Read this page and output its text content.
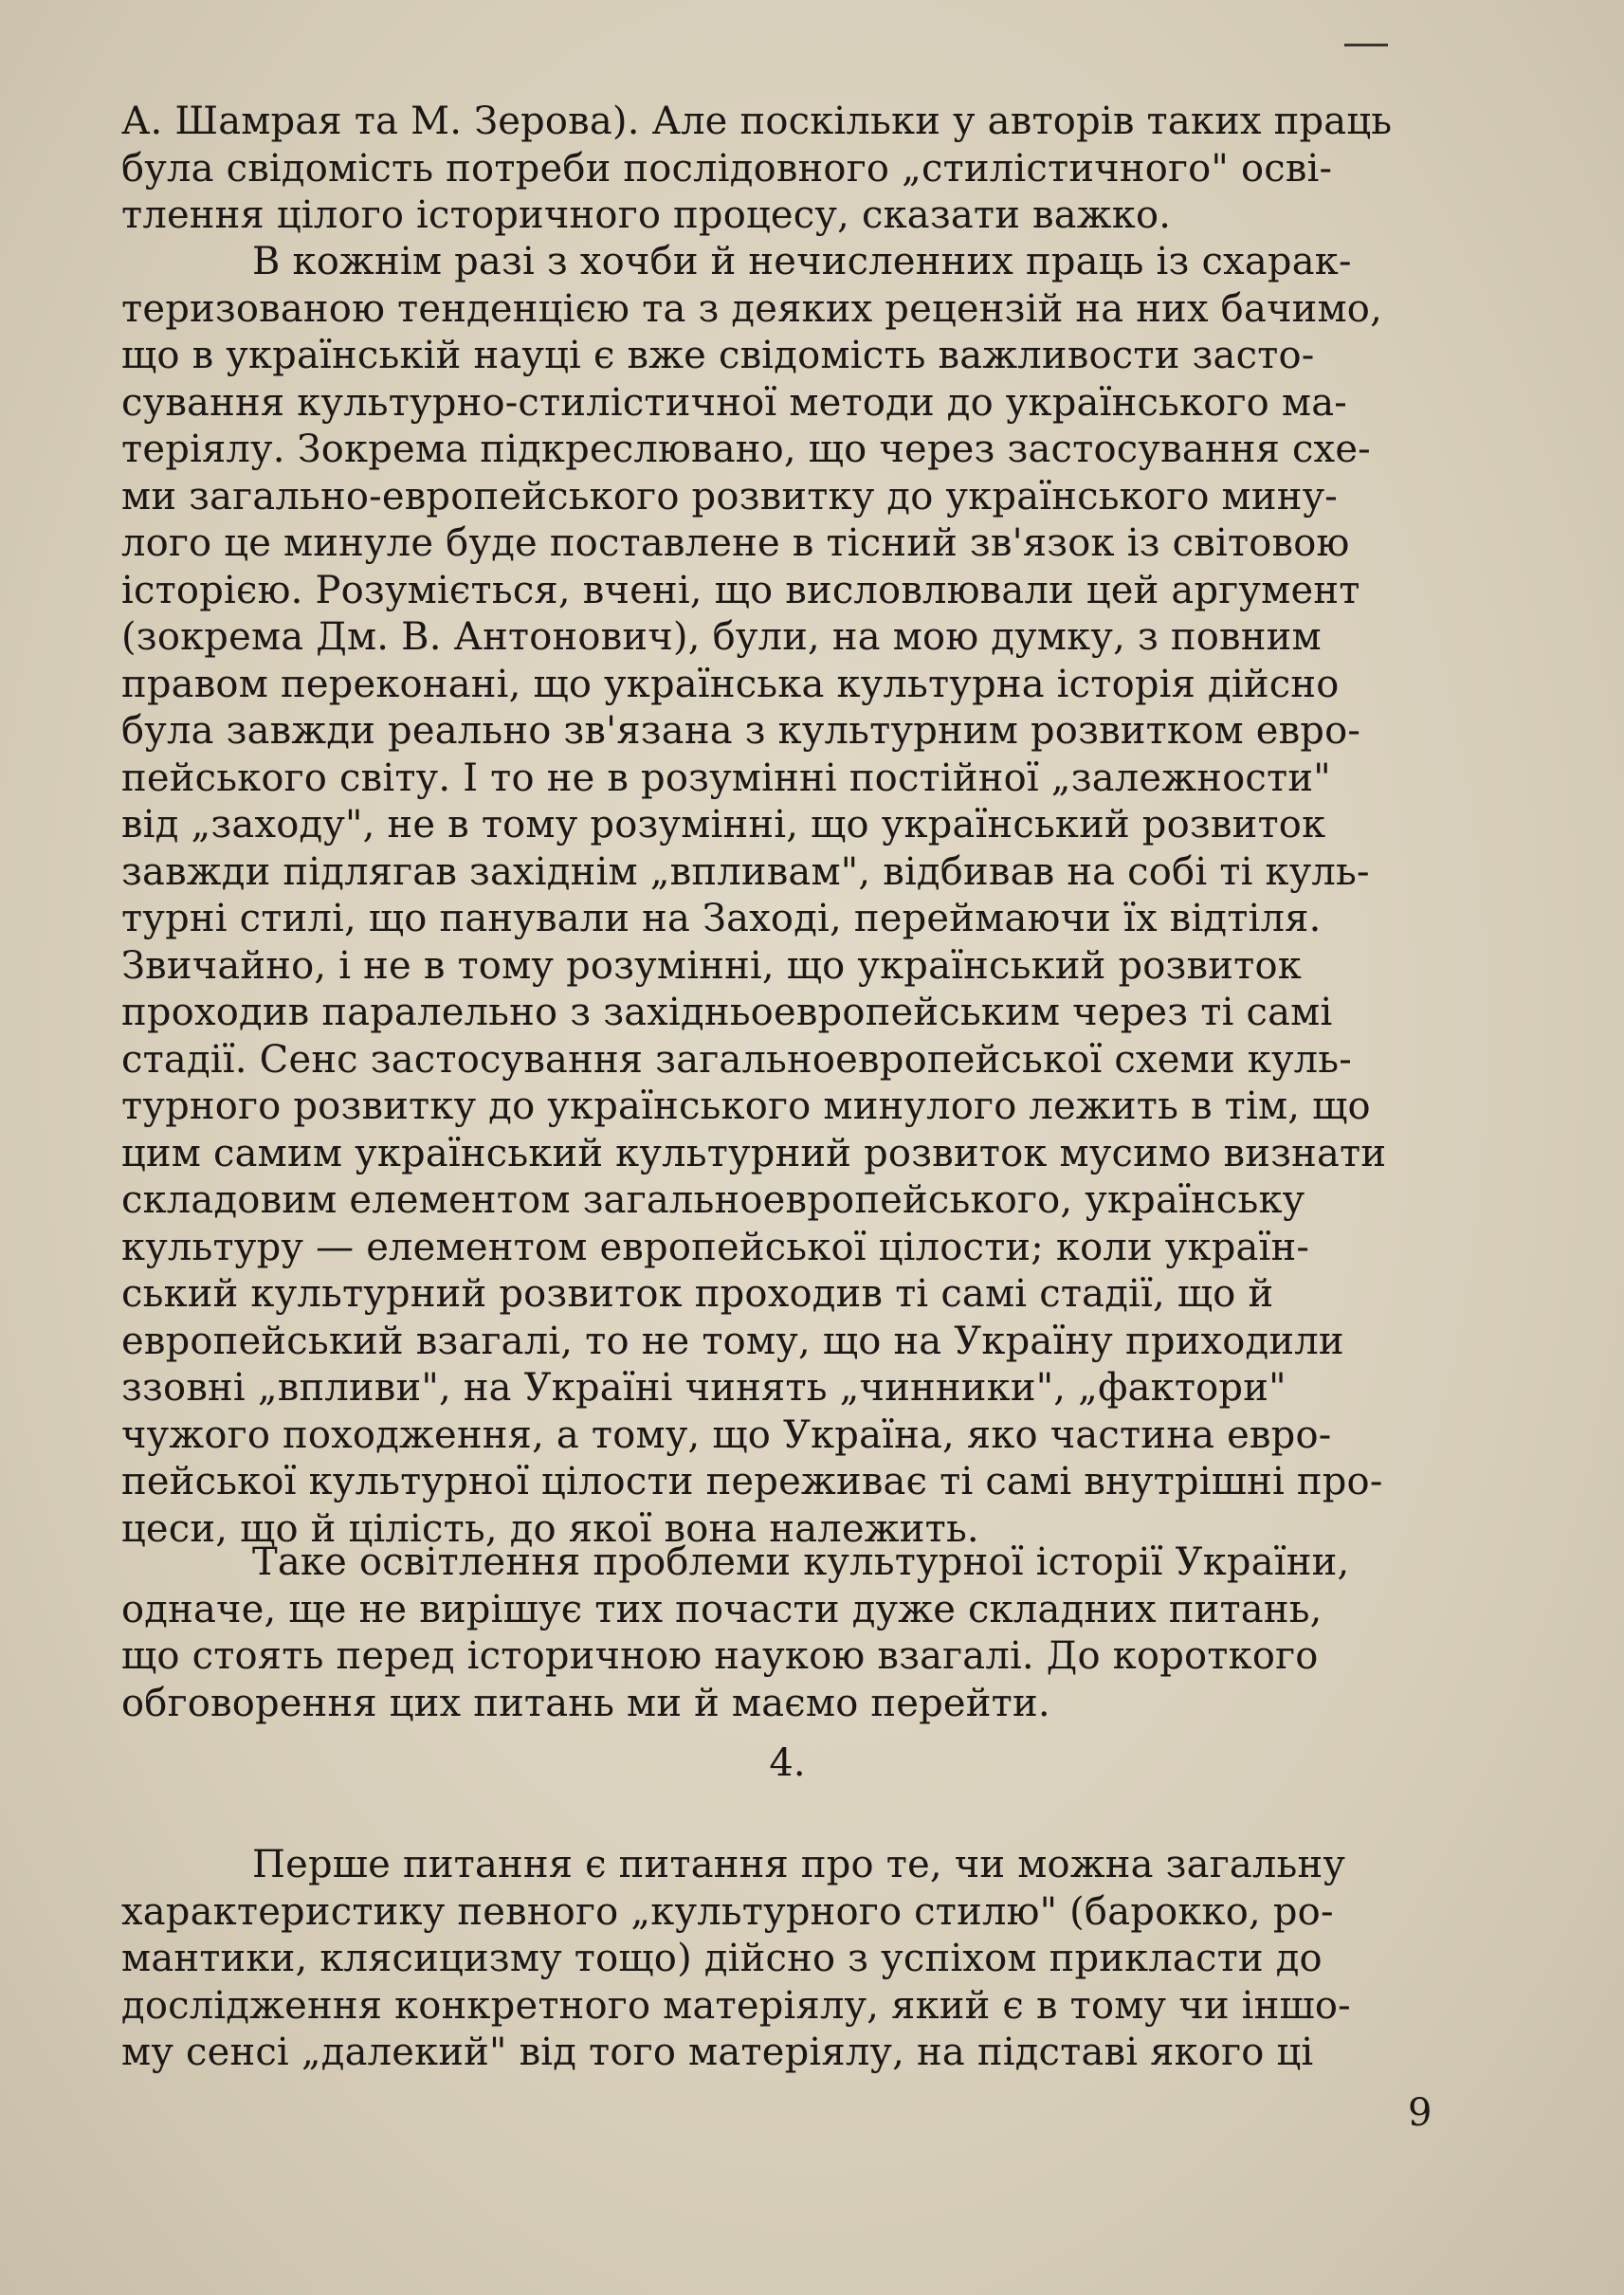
А. Шамрая та М. Зерова). Але поскільки у авторів таких праць
була свідомість потреби послідовного „стилістичного" осві-
тлення цілого історичного процесу, сказати важко.
В кожнім разі з хочби й нечисленних праць із схарак-
теризованою тенденцією та з деяких рецензій на них бачимо,
що в українській науці є вже свідомість важливости засто-
сування культурно-стилістичної методи до українського ма-
теріялу. Зокрема підкреслювано, що через застосування схе-
ми загально-европейського розвитку до українського мину-
лого це минуле буде поставлене в тісний зв'язок із світовою
історією. Розуміється, вчені, що висловлювали цей аргумент
(зокрема Дм. В. Антонович), були, на мою думку, з повним
правом переконані, що українська культурна історія дійсно
була завжди реально зв'язана з культурним розвитком евро-
пейського світу. І то не в розумінні постійної „залежности"
від „заходу", не в тому розумінні, що український розвиток
завжди підлягав західнім „впливам", відбивав на собі ті куль-
турні стилі, що панували на Заході, переймаючи їх відтіля.
Звичайно, і не в тому розумінні, що український розвиток
проходив паралельно з західньоевропейським через ті самі
стадії. Сенс застосування загальноевропейської схеми куль-
турного розвитку до українського минулого лежить в тім, що
цим самим український культурний розвиток мусимо визнати
складовим елементом загальноевропейського, українську
культуру — елементом европейської цілости; коли україн-
ський культурний розвиток проходив ті самі стадії, що й
европейський взагалі, то не тому, що на Україну приходили
ззовні „впливи", на Україні чинять „чинники", „фактори"
чужого походження, а тому, що Україна, яко частина евро-
пейської культурної цілости переживає ті самі внутрішні про-
цеси, що й цілість, до якої вона належить.
Таке освітлення проблеми культурної історії України,
одначе, ще не вирішує тих почасти дуже складних питань,
що стоять перед історичною наукою взагалі. До короткого
обговорення цих питань ми й маємо перейти.
4.
Перше питання є питання про те, чи можна загальну
характеристику певного „культурного стилю" (барокко, ро-
мантики, клясицизму тощо) дійсно з успіхом прикласти до
дослідження конкретного матеріялу, який є в тому чи іншо-
му сенсі „далекий" від того матеріялу, на підставі якого ці
9
